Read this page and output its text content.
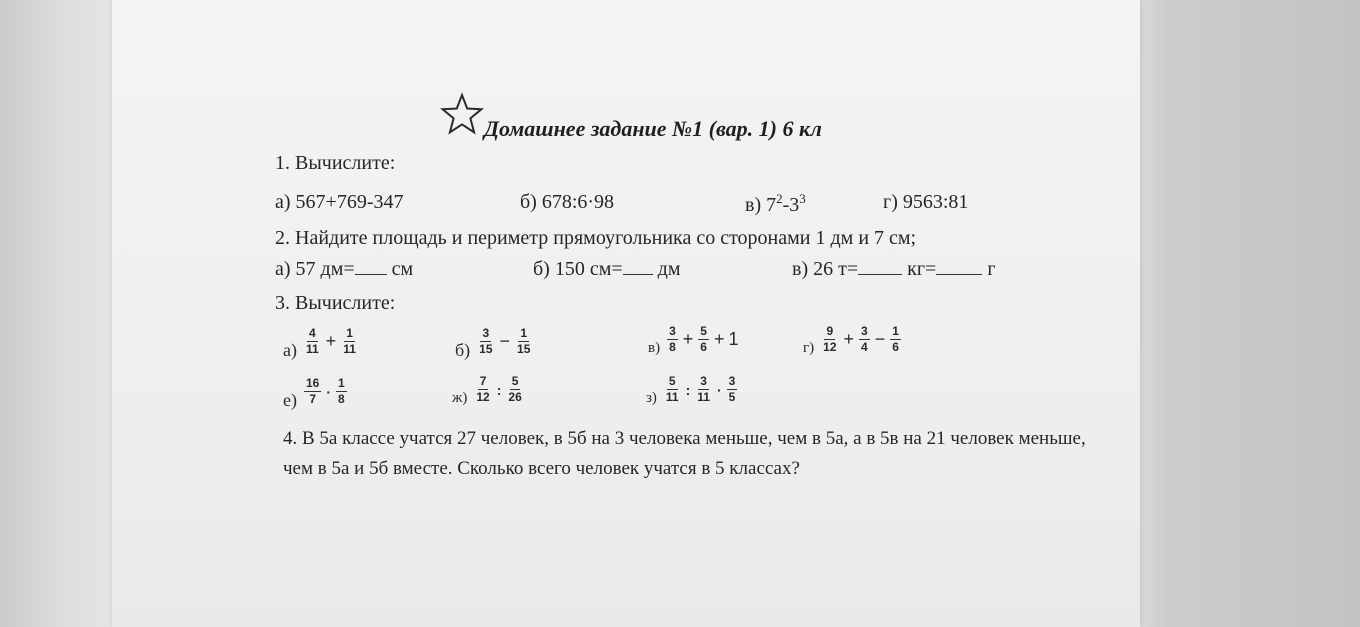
Домашнее задание №1 (вар. 1) 6 кл
1. Вычислите:
а) 567+769-347	б) 678:6·98	в) $7^2-3^3$	г) 9563:81
2. Найдите площадь и периметр прямоугольника со сторонами 1 дм и 7 см;
а) 57 дм= см	б) 150 см= дм	в) 26 т= кг= г
3. Вычислите:
$а) \frac{4}{11} + \frac{1}{11}$	$б) \frac{3}{15} - \frac{1}{15}$	$в) \frac{3}{8} + \frac{5}{6} + 1$	$г) \frac{9}{12} + \frac{3}{4} - \frac{1}{6}$
$е) \frac{16}{7} \cdot \frac{1}{8}$	$ж) \frac{7}{12}$ : $\frac{5}{26}$	$з) \frac{5}{11}$ : $\frac{3}{11} \cdot \frac{3}{5}$
4. В 5а классе учатся 27 человек, в 5б на 3 человека меньше, чем в 5а, а в 5в на 21 человек меньше,
чем в 5а и 5б вместе. Сколько всего человек учатся в 5 классах?
